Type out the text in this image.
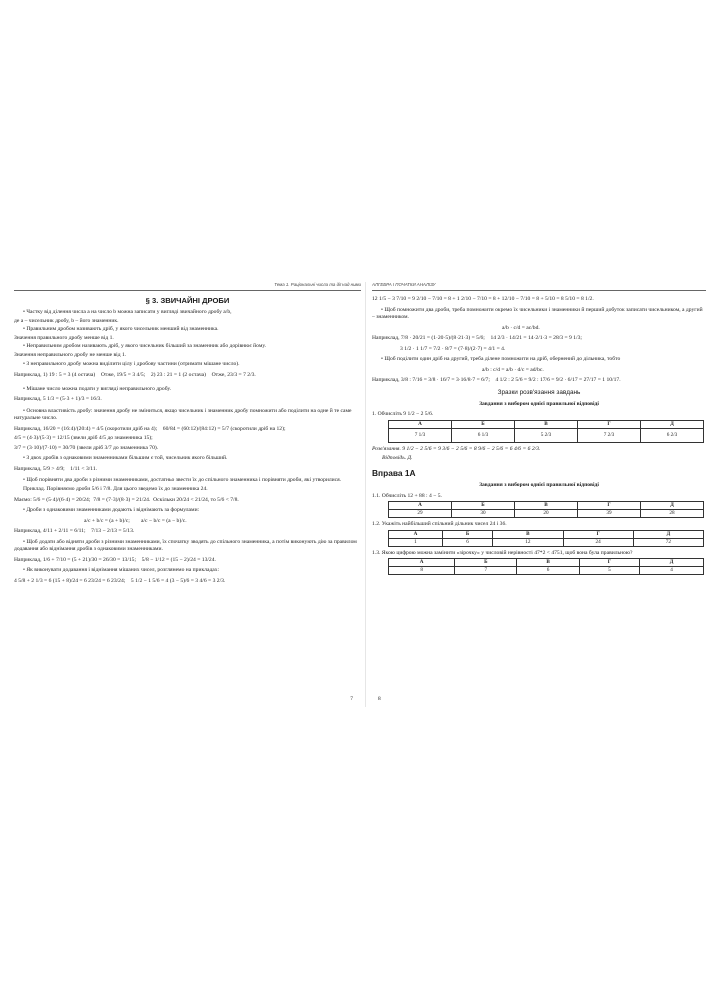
Тема 1. Раціональні числа та дії над ними
§ 3. ЗВИЧАЙНІ ДРОБИ
• Частку від ділення числа a на число b можна записати у вигляді звичайного дробу a/b,
де a – чисельник дробу, b – його знаменник.
• Правильним дробом називають дріб, у якого чисельник менший від знаменника.
Значення правильного дробу менше від 1.
• Неправильним дробом називають дріб, у якого чисельник більший за знаменник або дорівнює йому.
Значення неправильного дробу не менше від 1.
• З неправильного дробу можна виділити цілу і дробову частини (отримати мішане число).
Наприклад, 1) 19 : 5 = 3 (4 остача)    Отже, 19/5 = 3 4/5;    2) 23 : 21 = 1 (2 остача)    Отже, 23/3 = 7 2/3.
• Мішане число можна подати у вигляді неправильного дробу.
Наприклад, 5 1/3 = (5·3 + 1)/3 = 16/3.
• Основна властивість дробу: значення дробу не зміниться, якщо чисельник і знаменник дробу помножити або поділити на одне й те саме натуральне число.
Наприклад, 16/20 = (16:4)/(20:4) = 4/5 (скоротили дріб на 4);    60/84 = (60:12)/(84:12) = 5/7 (скоротили дріб на 12);
4/5 = (4·3)/(5·3) = 12/15 (звели дріб 4/5 до знаменника 15);
3/7 = (3·10)/(7·10) = 30/70 (звели дріб 3/7 до знаменника 70).
• З двох дробів з однаковими знаменниками більшим є той, чисельник якого більший.
Наприклад, 5/9 > 4/9;    1/11 < 3/11.
• Щоб порівняти два дроби з різними знаменниками, достатньо звести їх до спільного знаменника і порівняти дроби, які утворилися.
Приклад. Порівняємо дроби 5/6 і 7/8. Для цього зведемо їх до знаменника 24.
Маємо: 5/6 = (5·4)/(6·4) = 20/24;  7/8 = (7·3)/(8·3) = 21/24.  Оскільки 20/24 < 21/24, то 5/6 < 7/8.
• Дроби з однаковими знаменниками додають і віднімають за формулами:
a/c + b/c = (a + b)/c;        a/c − b/c = (a − b)/c.
Наприклад, 4/11 + 2/11 = 6/11;    7/13 − 2/13 = 5/13.
• Щоб додати або відняти дроби з різними знаменниками, їх спочатку зводять до спільного знаменника, а потім виконують дію за правилом додавання або віднімання дробів з однаковими знаменниками.
Наприклад, 1/6 + 7/10 = (5 + 21)/30 = 26/30 = 13/15;    5/8 − 1/12 = (15 − 2)/24 = 13/24.
• Як виконувати додавання і віднімання мішаних чисел, розглянемо на прикладах:
4 5/8 + 2 1/3 = 6 (15 + 8)/24 = 6 23/24 = 6 23/24;    5 1/2 − 1 5/6 = 4 (3 − 5)/6 = 3 4/6 = 3 2/3.
7
АЛГЕБРА І ПОЧАТКИ АНАЛІЗУ
12 1/5 − 3 7/10 = 9 2/10 − 7/10 = 8 + 1 2/10 − 7/10 = 8 + 12/10 − 7/10 = 8 + 5/10 = 8 5/10 = 8 1/2.
• Щоб помножити два дроби, треба помножити окремо їх чисельники і знаменники й перший добуток записати чисельником, а другий – знаменником.
a/b · c/d = ac/bd.
Наприклад, 7/8 · 20/21 = (1·20·5)/(8·21·3) = 5/6;    14 2/3 · 14/21 = 14·2/1·3 = 28/3 = 9 1/3;
3 1/2 · 1 1/7 = 7/2 · 8/7 = (7·8)/(2·7) = 4/1 = 4.
• Щоб поділити один дріб на другий, треба ділене помножити на дріб, обернений до дільника, тобто
a/b : c/d = a/b · d/c = ad/bc.
Наприклад, 3/8 : 7/16 = 3/8 · 16/7 = 3·16/8·7 = 6/7;    4 1/2 : 2 5/6 = 9/2 : 17/6 = 9/2 · 6/17 = 27/17 = 1 10/17.
Зразки розв'язання завдань
Завдання з вибором однієї правильної відповіді
1. Обчисліть 9 1/2 − 2 5/6.
А	Б	В	Г	Д
7 1/3	6 1/3	5 2/3	7 2/3	6 2/3
Розв'язання. 9 1/2 − 2 5/6 = 9 3/6 − 2 5/6 = 8 9/6 − 2 5/6 = 6 4/6 = 6 2/3.
Відповідь. Д.
Вправа 1А
Завдання з вибором однієї правильної відповіді
1.1. Обчисліть 12 + 88 : 4 − 5.
А	Б	В	Г	Д
29	30	20	39	28
1.2. Укажіть найбільший спільний дільник чисел 24 і 36.
А	Б	В	Г	Д
1	6	12	24	72
1.3. Якою цифрою можна замінити «зірочку» у числовій нерівності 47*2 < 4751, щоб вона була правильною?
А	Б	В	Г	Д
8	7	6	5	4
8
